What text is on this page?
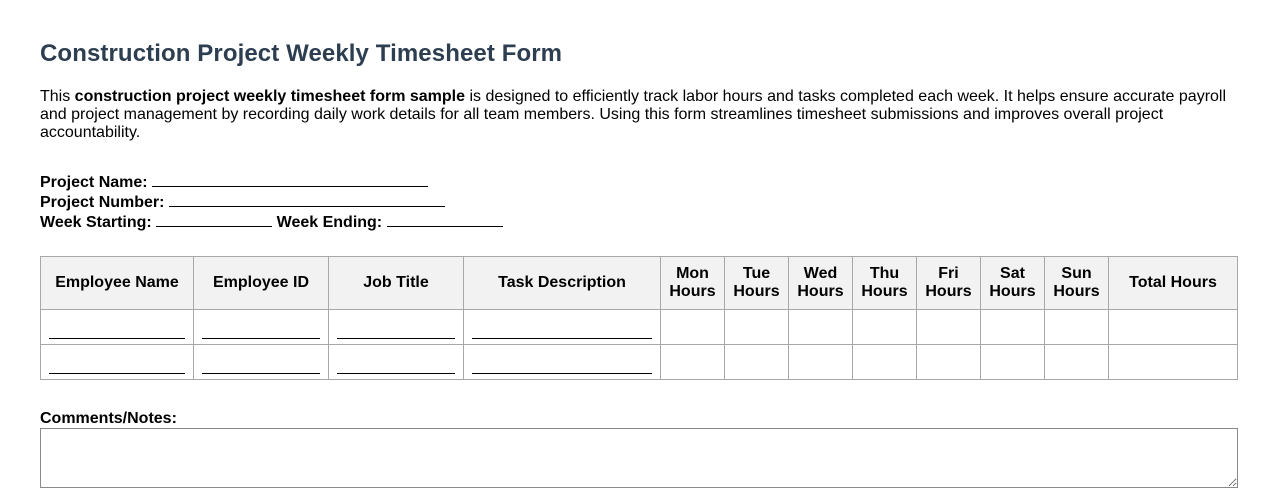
Construction Project Weekly Timesheet Form
This construction project weekly timesheet form sample is designed to efficiently track labor hours and tasks completed each week. It helps ensure accurate payroll and project management by recording daily work details for all team members. Using this form streamlines timesheet submissions and improves overall project accountability.
Project Name:
Project Number:
Week Starting:	Week Ending:
Employee Name	Employee ID	Job Title	Task Description	Mon Hours	Tue Hours	Wed Hours	Thu Hours	Fri Hours	Sat Hours	Sun Hours	Total Hours

Comments/Notes:
